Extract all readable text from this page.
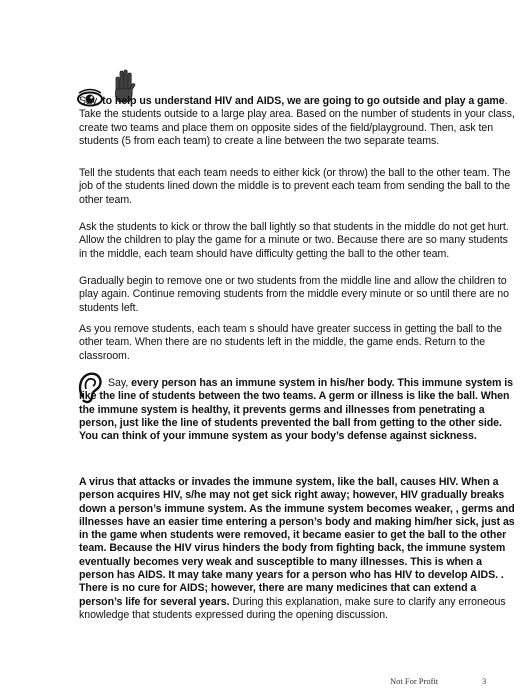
Say, to help us understand HIV and AIDS, we are going to go outside and play a game. Take the students outside to a large play area. Based on the number of students in your class, create two teams and place them on opposite sides of the field/playground. Then, ask ten students (5 from each team) to create a line between the two separate teams.

Tell the students that each team needs to either kick (or throw) the ball to the other team. The job of the students lined down the middle is to prevent each team from sending the ball to the other team.

Ask the students to kick or throw the ball lightly so that students in the middle do not get hurt. Allow the children to play the game for a minute or two. Because there are so many students in the middle, each team should have difficulty getting the ball to the other team.

Gradually begin to remove one or two students from the middle line and allow the children to play again. Continue removing students from the middle every minute or so until there are no students left.

As you remove students, each team s should have greater success in getting the ball to the other team. When there are no students left in the middle, the game ends. Return to the classroom.

Say, every person has an immune system in his/her body. This immune system is like the line of students between the two teams. A germ or illness is like the ball. When the immune system is healthy, it prevents germs and illnesses from penetrating a person, just like the line of students prevented the ball from getting to the other side. You can think of your immune system as your body’s defense against sickness.

A virus that attacks or invades the immune system, like the ball, causes HIV. When a person acquires HIV, s/he may not get sick right away; however, HIV gradually breaks down a person’s immune system. As the immune system becomes weaker, , germs and illnesses have an easier time entering a person’s body and making him/her sick, just as in the game when students were removed, it became easier to get the ball to the other team. Because the HIV virus hinders the body from fighting back, the immune system eventually becomes very weak and susceptible to many illnesses. This is when a person has AIDS. It may take many years for a person who has HIV to develop AIDS. . There is no cure for AIDS; however, there are many medicines that can extend a person’s life for several years. During this explanation, make sure to clarify any erroneous knowledge that students expressed during the opening discussion.

Not For Profit	3
